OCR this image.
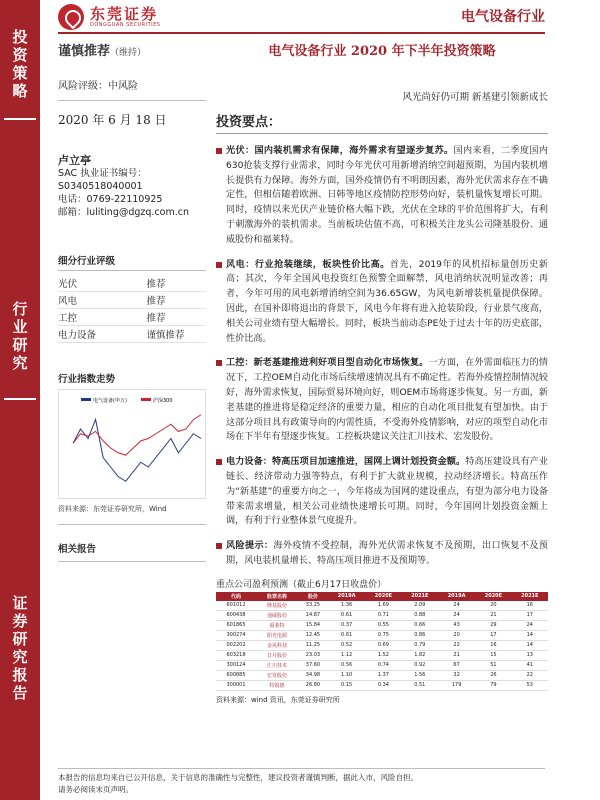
投
资
策
略
行
业
研
究
证
券
研
究
报
告
东莞证券
DONGGUAN SECURITIES	电气设备行业
谨慎推荐（维持）
风险评级：中风险
2020 年 6 月 18 日
卢立亭
SAC 执业证书编号：
S0340518040001
电话：0769-22110925
邮箱：luliting@dgzq.com.cn
细分行业评级
光伏	推荐
风电	推荐
工控	推荐
电力设备	谨慎推荐
行业指数走势
电气设备(申万)	沪深300
资料来源：东莞证券研究所，Wind
相关报告
电气设备行业 2020 年下半年投资策略
风光尚好仍可期 新基建引领新成长
投资要点：
光伏：国内装机需求有保障，海外需求有望逐步复苏。国内来看，二季度国内630抢装支撑行业需求，同时今年光伏可用新增消纳空间超预期，为国内装机增长提供有力保障。海外方面，国外疫情仍有不明朗因素，海外光伏需求存在不确定性，但相信随着欧洲、日韩等地区疫情防控形势向好，装机量恢复增长可期。同时，疫情以来光伏产业链价格大幅下跌，光伏在全球的平价范围将扩大，有利于刺激海外的装机需求。当前板块估值不高，可积极关注龙头公司隆基股份、通威股份和福莱特。
风电：行业抢装继续，板块性价比高。首先，2019年的风机招标量创历史新高；其次，今年全国风电投资红色预警全面解禁，风电消纳状况明显改善；再者，今年可用的风电新增消纳空间为36.65GW，为风电新增装机量提供保障。因此，在国补即将退出的背景下，风电今年将有进入抢装阶段，行业景气度高，相关公司业绩有望大幅增长。同时，板块当前动态PE处于过去十年的历史底部，性价比高。
工控：新老基建推进利好项目型自动化市场恢复。一方面，在外需面临压力的情况下，工控OEM自动化市场后续增速情况具有不确定性。若海外疫情控制情况较好，海外需求恢复，国际贸易环境向好，则OEM市场将逐步恢复。另一方面，新老基建的推进将是稳定经济的重要力量，相应的自动化项目批复有望加快。由于这部分项目具有政策导向的内需性质，不受海外疫情影响，对应的项型自动化市场在下半年有望逐步恢复。工控板块建议关注汇川技术、宏发股份。
电力设备：特高压项目加速推进，国网上调计划投资金额。特高压建设具有产业链长、经济带动力强等特点，有利于扩大就业规模，拉动经济增长。特高压作为“新基建”的重要方向之一，今年将成为国网的建设重点，有望为部分电力设备带来需求增量，相关公司业绩快速增长可期。同时，今年国网计划投资金额上调，有利于行业整体景气度提升。
风险提示：海外疫情不受控制，海外光伏需求恢复不及预期，出口恢复不及预期，风电装机量增长、特高压项目推进不及预期等。
重点公司盈利预测（截止6月17日收盘价）
代码	股票名称	股价	2019A	2020E	2021E	2019A	2020E	2021E
601012	隆基股份	33.25	1.36	1.69	2.09	24	20	16
600438	通威股份	14.87	0.61	0.71	0.88	24	21	17
601865	福莱特	15.84	0.37	0.55	0.66	43	29	24
300274	阳光电源	12.45	0.61	0.75	0.86	20	17	14
002202	金风科技	11.25	0.52	0.69	0.79	22	16	14
603218	日月股份	23.03	1.12	1.52	1.82	21	15	13
300124	汇川技术	37.60	0.56	0.74	0.92	67	51	41
600885	宏发股份	34.98	1.10	1.37	1.56	32	26	22
300001	特锐德	26.80	0.15	0.34	0.51	179	79	53
资料来源：wind 资讯，东莞证券研究所
本报告的信息均来自已公开信息，关于信息的准确性与完整性，建议投资者谨慎判断，据此入市，风险自担。
请务必阅读末页声明。
